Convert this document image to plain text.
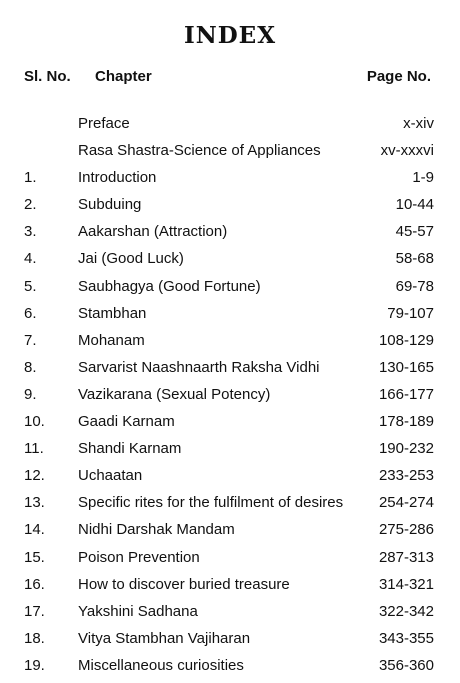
INDEX
Sl. No. Chapter	Page No.
Preface	x-xiv
Rasa Shastra-Science of Appliances	xv-xxxvi
1.	Introduction	1-9
2.	Subduing	10-44
3.	Aakarshan (Attraction)	45-57
4.	Jai (Good Luck)	58-68
5.	Saubhagya (Good Fortune)	69-78
6.	Stambhan	79-107
7.	Mohanam	108-129
8.	Sarvarist Naashnaarth Raksha Vidhi	130-165
9.	Vazikarana (Sexual Potency)	166-177
10. Gaadi Karnam	178-189
11. Shandi Karnam	190-232
12. Uchaatan	233-253
13. Specific rites for the fulfilment of desires 254-274
14. Nidhi Darshak Mandam	275-286
15. Poison Prevention	287-313
16. How to discover buried treasure	314-321
17. Yakshini Sadhana	322-342
18. Vitya Stambhan Vajiharan	343-355
19. Miscellaneous curiosities	356-360
